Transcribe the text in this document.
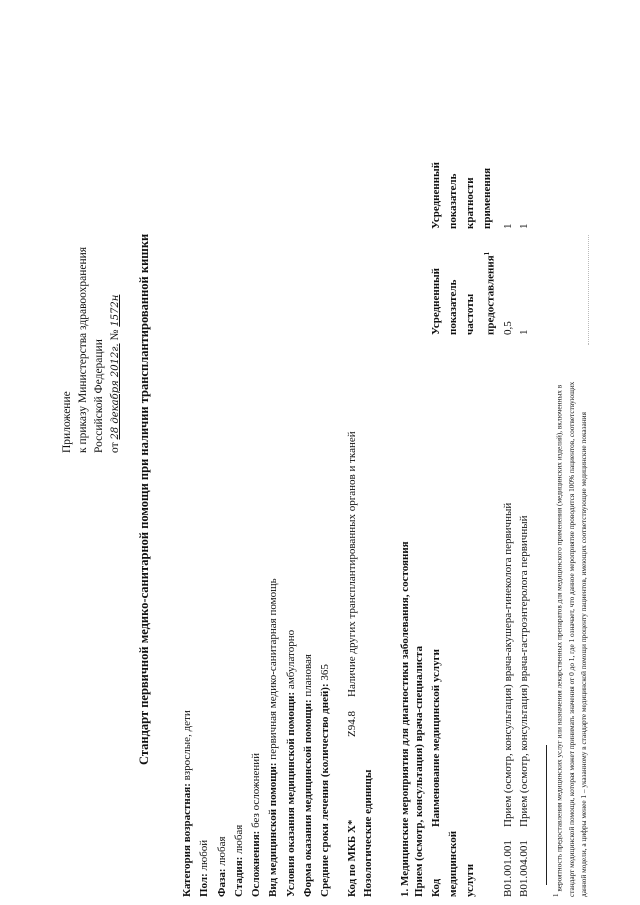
Приложение к приказу Министерства здравоохранения Российской Федерации от 28 декабря 2012г. № 1572н Стандарт первичной медико-санитарной помощи при наличии трансплантированной кишки
Категория возрастная: взрослые, дети
Пол: любой
Фаза: любая
Стадия: любая Осложнения: без осложнений Вид медицинской помощи: первичная медико-санитарная помощь
Условия оказания медицинской помощи: амбулаторно
Форма оказания медицинской помощи: плановая
Средние сроки лечения (количество дней): 365
Код по МКБ X* Нозологические единицы
Z94.8
Наличие других трансплантированных органов и тканей	1. Медицинские мероприятия для диагностики заболевания, состояния Прием (осмотр, консультация) врача-специалиста Код медицинской услуги
Наименование медицинской услуги
Усредненный показатель частоты предоставления$^1$
Усредненный показатель кратности применения
B01.001.001
Прием (осмотр, консультация) врача-акушера-гинеколога первичный
0,5
1
B01.004.001
Прием (осмотр, консультация) врача-гастроэнтеролога первичный
1
1
1 вероятность предоставления медицинских услуг или назначения лекарственных препаратов для медицинского применения (медицинских изделий), включенных в стандарт медицинской помощи, которая может принимать значения от 0 до 1, где 1 означает, что данное мероприятие проводится 100% пациентов, соответствующих данной модели, а цифры менее 1 – указанному в стандарте медицинской помощи проценту пациентов, имеющих соответствующие медицинские показания
